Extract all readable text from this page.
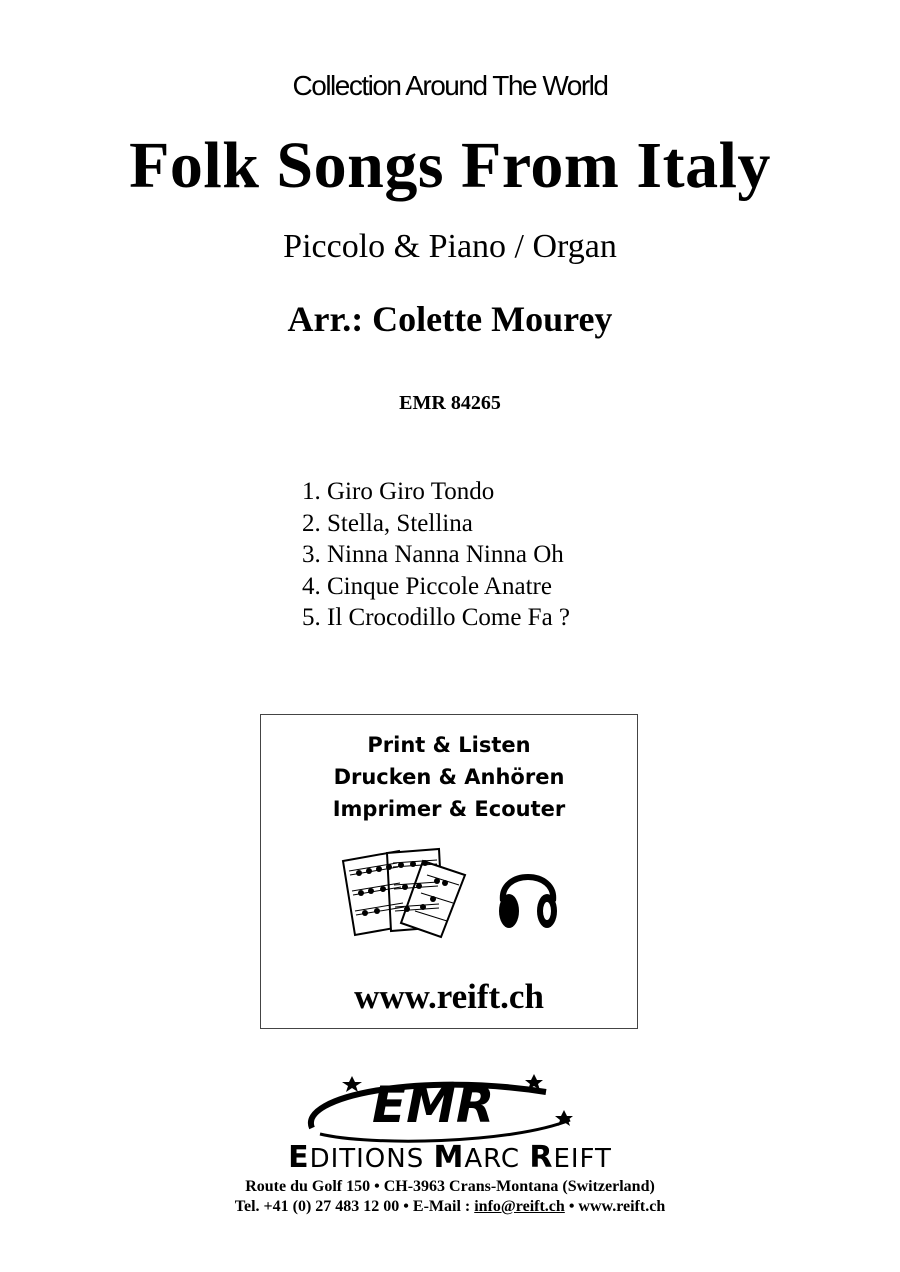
Collection Around The World
Folk Songs From Italy
Piccolo & Piano / Organ
Arr.: Colette Mourey
EMR 84265
1. Giro Giro Tondo
2. Stella, Stellina
3. Ninna Nanna Ninna Oh
4. Cinque Piccole Anatre
5. Il Crocodillo Come Fa ?
Print & Listen
Drucken & Anhören
Imprimer & Ecouter
www.reift.ch
EMR
EDITIONS MARC REIFT
Route du Golf 150 • CH-3963 Crans-Montana (Switzerland)
Tel. +41 (0) 27 483 12 00 • E-Mail : info@reift.ch • www.reift.ch
